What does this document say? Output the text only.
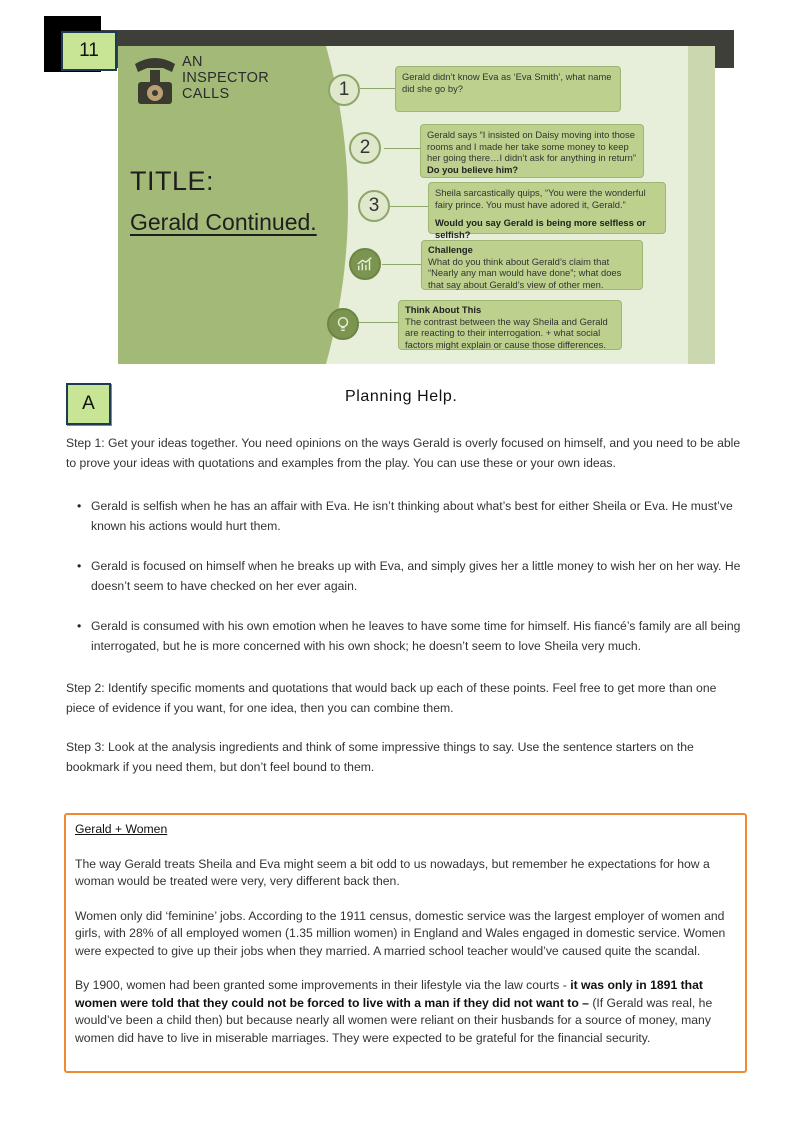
AN
INSPECTOR
CALLS
TITLE:
Gerald Continued.
1
2
3
Gerald didn’t know Eva as ‘Eva Smith’, what name did she go by?
Gerald says “I insisted on Daisy moving into those rooms and I made her take some money to keep her going there…I didn’t ask for anything in return” Do you believe him?
Sheila sarcastically quips, “You were the wonderful fairy prince. You must have adored it, Gerald.”
Would you say Gerald is being more selfless or selfish?
Challenge
What do you think about Gerald’s claim that “Nearly any man would have done”; what does that say about Gerald’s view of other men.
Think About This
The contrast between the way Sheila and Gerald are reacting to their interrogation. + what social factors might explain or cause those differences.
11
A	Planning Help.

Step 1: Get your ideas together. You need opinions on the ways Gerald is overly focused on himself, and you need to be able to prove your ideas with quotations and examples from the play. You can use these or your own ideas.

• Gerald is selfish when he has an affair with Eva. He isn’t thinking about what’s best for either Sheila or Eva. He must’ve known his actions would hurt them.
• Gerald is focused on himself when he breaks up with Eva, and simply gives her a little money to wish her on her way. He doesn’t seem to have checked on her ever again.
• Gerald is consumed with his own emotion when he leaves to have some time for himself. His fiancé’s family are all being interrogated, but he is more concerned with his own shock; he doesn’t seem to love Sheila very much.

Step 2: Identify specific moments and quotations that would back up each of these points. Feel free to get more than one piece of evidence if you want, for one idea, then you can combine them.

Step 3: Look at the analysis ingredients and think of some impressive things to say. Use the sentence starters on the bookmark if you need them, but don’t feel bound to them.

Gerald + Women

The way Gerald treats Sheila and Eva might seem a bit odd to us nowadays, but remember he expectations for how a woman would be treated were very, very different back then.

Women only did ‘feminine’ jobs. According to the 1911 census, domestic service was the largest employer of women and girls, with 28% of all employed women (1.35 million women) in England and Wales engaged in domestic service. Women were expected to give up their jobs when they married. A married school teacher would’ve caused quite the scandal.

By 1900, women had been granted some improvements in their lifestyle via the law courts - it was only in 1891 that women were told that they could not be forced to live with a man if they did not want to – (If Gerald was real, he would’ve been a child then) but because nearly all women were reliant on their husbands for a source of money, many women did have to live in miserable marriages. They were expected to be grateful for the financial security.
